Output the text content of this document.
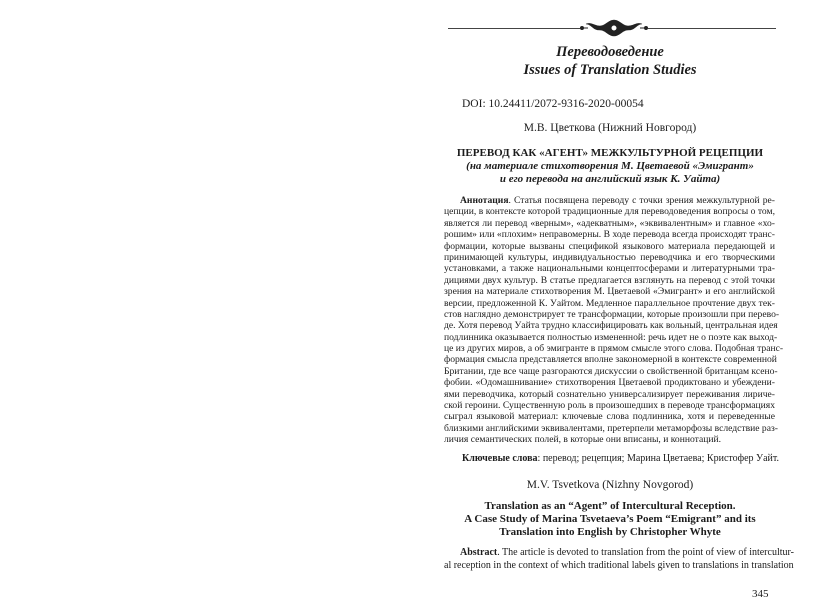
Переводоведение
Issues of Translation Studies
DOI: 10.24411/2072-9316-2020-00054
М.В. Цветкова (Нижний Новгород)
ПЕРЕВОД КАК «АГЕНТ» МЕЖКУЛЬТУРНОЙ РЕЦЕПЦИИ
(на материале стихотворения М. Цветаевой «Эмигрант»
и его перевода на английский язык К. Уайта)
Аннотация. Статья посвящена переводу с точки зрения межкультурной ре-
цепции, в контексте которой традиционные для переводоведения вопросы о том,
является ли перевод «верным», «адекватным», «эквивалентным» и главное «хо-
рошим» или «плохим» неправомерны. В ходе перевода всегда происходят транс-
формации, которые вызваны спецификой языкового материала передающей и
принимающей культуры, индивидуальностью переводчика и его творческими
установками, а также национальными концептосферами и литературными тра-
дициями двух культур. В статье предлагается взглянуть на перевод с этой точки
зрения на материале стихотворения М. Цветаевой «Эмигрант» и его английской
версии, предложенной К. Уайтом. Медленное параллельное прочтение двух тек-
стов наглядно демонстрирует те трансформации, которые произошли при перево-
де. Хотя перевод Уайта трудно классифицировать как вольный, центральная идея
подлинника оказывается полностью измененной: речь идет не о поэте как выход-
це из других миров, а об эмигранте в прямом смысле этого слова. Подобная транс-
формация смысла представляется вполне закономерной в контексте современной
Британии, где все чаще разгораются дискуссии о свойственной британцам ксено-
фобии. «Одомашнивание» стихотворения Цветаевой продиктовано и убеждени-
ями переводчика, который сознательно универсализирует переживания лириче-
ской героини. Существенную роль в произошедших в переводе трансформациях
сыграл языковой материал: ключевые слова подлинника, хотя и переведенные
близкими английскими эквивалентами, претерпели метаморфозы вследствие раз-
личия семантических полей, в которые они вписаны, и коннотаций.
Ключевые слова: перевод; рецепция; Марина Цветаева; Кристофер Уайт.
M.V. Tsvetkova (Nizhny Novgorod)
Translation as an “Agent” of Intercultural Reception.
A Case Study of Marina Tsvetaeva’s Poem “Emigrant” and its
Translation into English by Christopher Whyte
Abstract. The article is devoted to translation from the point of view of intercultur-
al reception in the context of which traditional labels given to translations in translation
345
